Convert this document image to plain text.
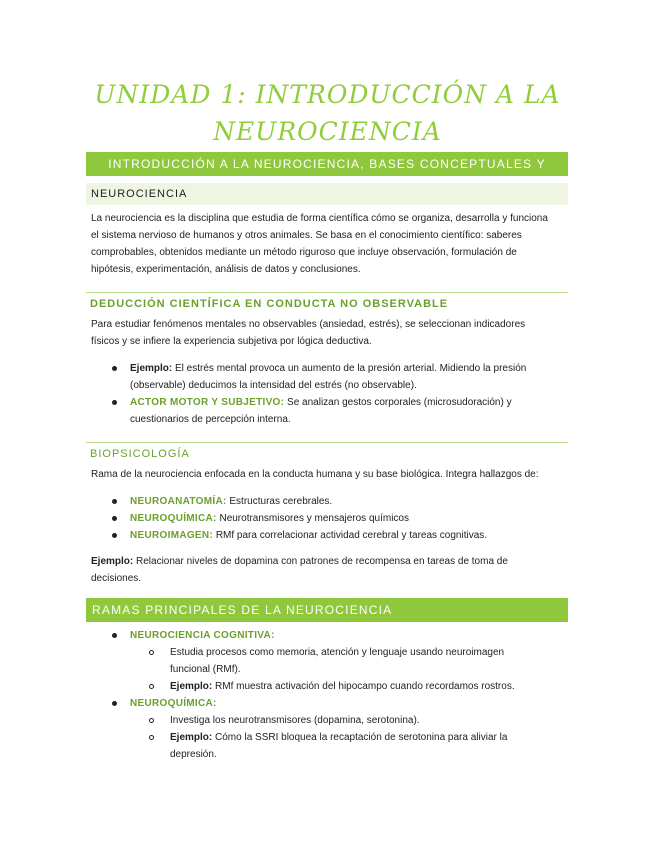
UNIDAD 1: INTRODUCCIÓN A LA
NEUROCIENCIA
INTRODUCCIÓN A LA NEUROCIENCIA, BASES CONCEPTUALES Y
NEUROCIENCIA

La neurociencia es la disciplina que estudia de forma científica cómo se organiza, desarrolla y funciona el sistema nervioso de humanos y otros animales. Se basa en el conocimiento científico: saberes comprobables, obtenidos mediante un método riguroso que incluye observación, formulación de hipótesis, experimentación, análisis de datos y conclusiones.

DEDUCCIÓN CIENTÍFICA EN CONDUCTA NO OBSERVABLE

Para estudiar fenómenos mentales no observables (ansiedad, estrés), se seleccionan indicadores físicos y se infiere la experiencia subjetiva por lógica deductiva.

Ejemplo: El estrés mental provoca un aumento de la presión arterial. Midiendo la presión (observable) deducimos la intensidad del estrés (no observable).
ACTOR MOTOR Y SUBJETIVO: Se analizan gestos corporales (microsudoración) y cuestionarios de percepción interna.
BIOPSICOLOGÍA

Rama de la neurociencia enfocada en la conducta humana y su base biológica. Integra hallazgos de:

NEUROANATOMÍA: Estructuras cerebrales.
NEUROQUÍMICA: Neurotransmisores y mensajeros químicos
NEUROIMAGEN: RMf para correlacionar actividad cerebral y tareas cognitivas.

Ejemplo: Relacionar niveles de dopamina con patrones de recompensa en tareas de toma de decisiones.

RAMAS PRINCIPALES DE LA NEUROCIENCIA
NEUROCIENCIA COGNITIVA:
Estudia procesos como memoria, atención y lenguaje usando neuroimagen funcional (RMf).
Ejemplo: RMf muestra activación del hipocampo cuando recordamos rostros.
NEUROQUÍMICA:
Investiga los neurotransmisores (dopamina, serotonina).
Ejemplo: Cómo la SSRI bloquea la recaptación de serotonina para aliviar la depresión.
